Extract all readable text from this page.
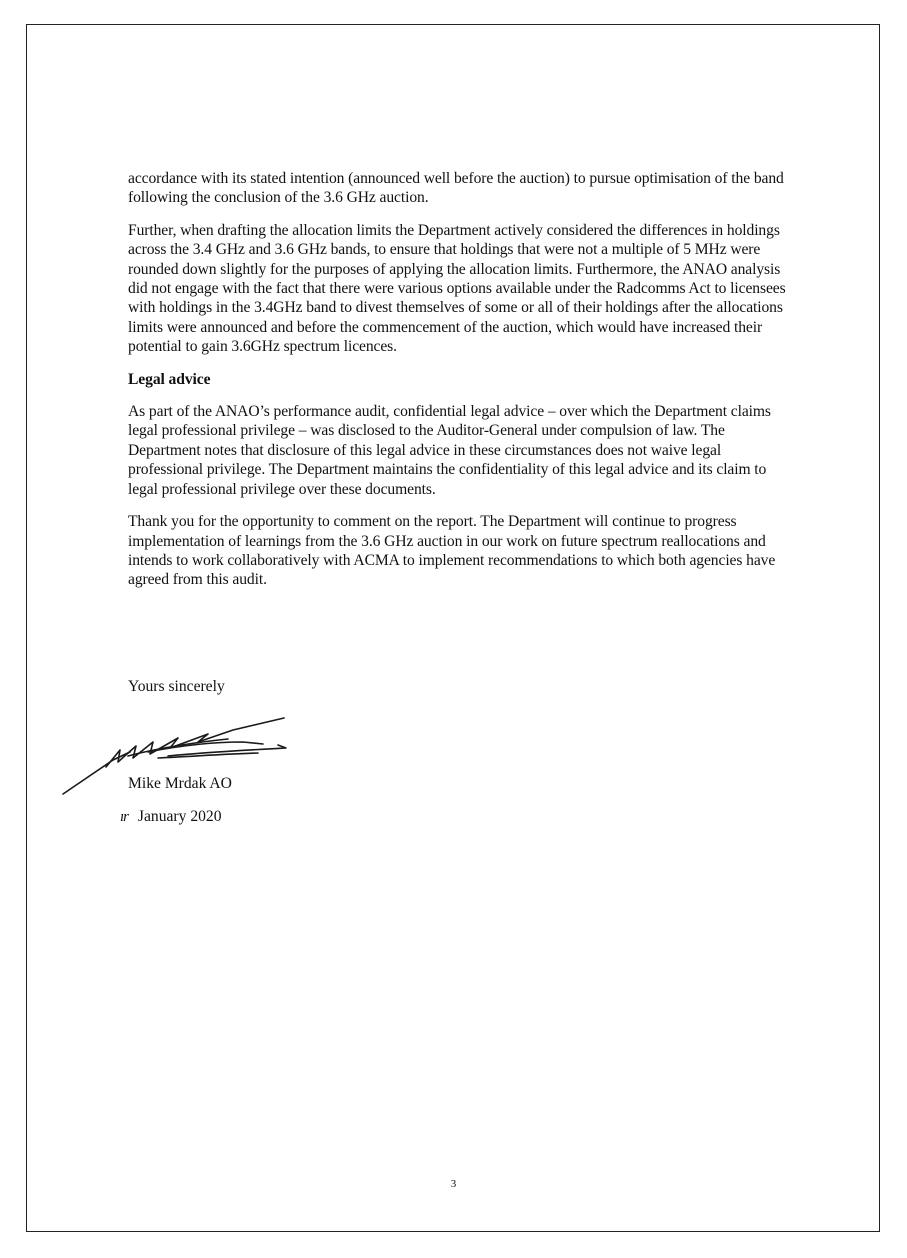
accordance with its stated intention (announced well before the auction) to pursue optimisation of the band following the conclusion of the 3.6 GHz auction.

Further, when drafting the allocation limits the Department actively considered the differences in holdings across the 3.4 GHz and 3.6 GHz bands, to ensure that holdings that were not a multiple of 5 MHz were rounded down slightly for the purposes of applying the allocation limits. Furthermore, the ANAO analysis did not engage with the fact that there were various options available under the Radcomms Act to licensees with holdings in the 3.4GHz band to divest themselves of some or all of their holdings after the allocations limits were announced and before the commencement of the auction, which would have increased their potential to gain 3.6GHz spectrum licences.

Legal advice

As part of the ANAO’s performance audit, confidential legal advice – over which the Department claims legal professional privilege – was disclosed to the Auditor-General under compulsion of law. The Department notes that disclosure of this legal advice in these circumstances does not waive legal professional privilege. The Department maintains the confidentiality of this legal advice and its claim to legal professional privilege over these documents.

Thank you for the opportunity to comment on the report. The Department will continue to progress implementation of learnings from the 3.6 GHz auction in our work on future spectrum reallocations and intends to work collaboratively with ACMA to implement recommendations to which both agencies have agreed from this audit.

Yours sincerely
Mike Mrdak AO
ır January 2020
3
